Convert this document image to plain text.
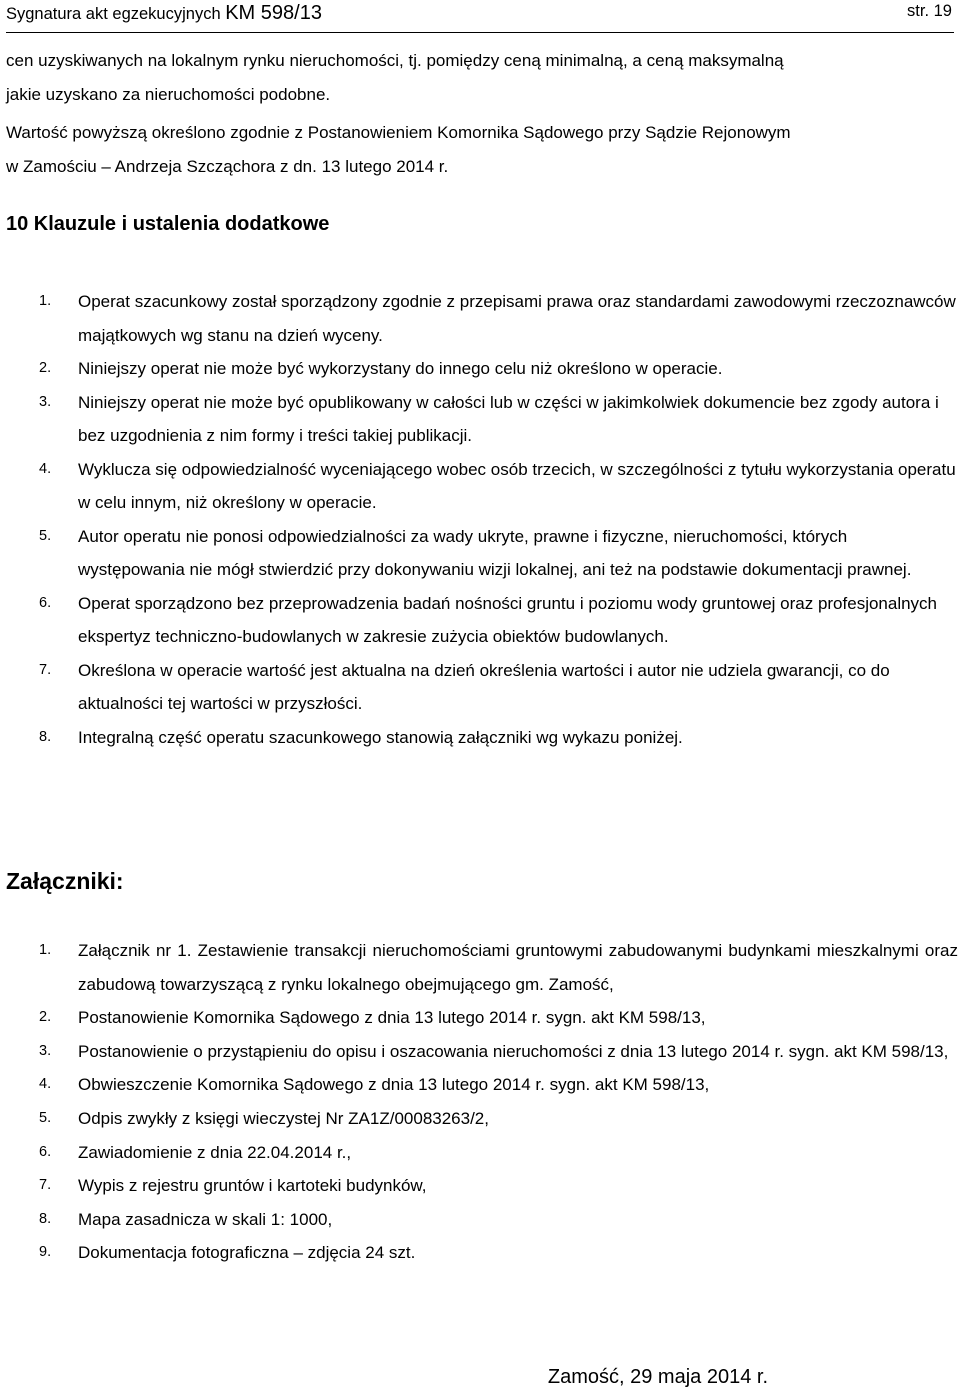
Sygnatura akt egzekucyjnych KM 598/13	str. 19

cen uzyskiwanych na lokalnym rynku nieruchomości, tj. pomiędzy ceną minimalną, a ceną maksymalną

jakie uzyskano za nieruchomości podobne.

Wartość powyższą określono zgodnie z Postanowieniem Komornika Sądowego przy Sądzie Rejonowym

w Zamościu – Andrzeja Szcząchora z dn. 13 lutego 2014 r.

10 Klauzule i ustalenia dodatkowe
1. Operat szacunkowy został sporządzony zgodnie z przepisami prawa oraz standardami zawodowymi rzeczoznawców majątkowych wg stanu na dzień wyceny.
2. Niniejszy operat nie może być wykorzystany do innego celu niż określono w operacie.
3. Niniejszy operat nie może być opublikowany w całości lub w części w jakimkolwiek dokumencie bez zgody autora i bez uzgodnienia z nim formy i treści takiej publikacji.
4. Wyklucza się odpowiedzialność wyceniającego wobec osób trzecich, w szczególności z tytułu wykorzystania operatu w celu innym, niż określony w operacie.
5. Autor operatu nie ponosi odpowiedzialności za wady ukryte, prawne i fizyczne, nieruchomości, których występowania nie mógł stwierdzić przy dokonywaniu wizji lokalnej, ani też na podstawie dokumentacji prawnej.
6. Operat sporządzono bez przeprowadzenia badań nośności gruntu i poziomu wody gruntowej oraz profesjonalnych ekspertyz techniczno-budowlanych w zakresie zużycia obiektów budowlanych.
7. Określona w operacie wartość jest aktualna na dzień określenia wartości i autor nie udziela gwarancji, co do aktualności tej wartości w przyszłości.
8. Integralną część operatu szacunkowego stanowią załączniki wg wykazu poniżej.
Załączniki:
1. Załącznik nr 1. Zestawienie transakcji nieruchomościami gruntowymi zabudowanymi budynkami mieszkalnymi oraz zabudową towarzyszącą z rynku lokalnego obejmującego gm. Zamość,
2. Postanowienie Komornika Sądowego z dnia 13 lutego 2014 r. sygn. akt KM 598/13,
3. Postanowienie o przystąpieniu do opisu i oszacowania nieruchomości z dnia 13 lutego 2014 r. sygn. akt KM 598/13,
4. Obwieszczenie Komornika Sądowego z dnia 13 lutego 2014 r. sygn. akt KM 598/13,
5. Odpis zwykły z księgi wieczystej Nr ZA1Z/00083263/2,
6. Zawiadomienie z dnia 22.04.2014 r.,
7. Wypis z rejestru gruntów i kartoteki budynków,
8. Mapa zasadnicza w skali 1: 1000,
9. Dokumentacja fotograficzna – zdjęcia 24 szt.

Zamość, 29 maja 2014 r.
